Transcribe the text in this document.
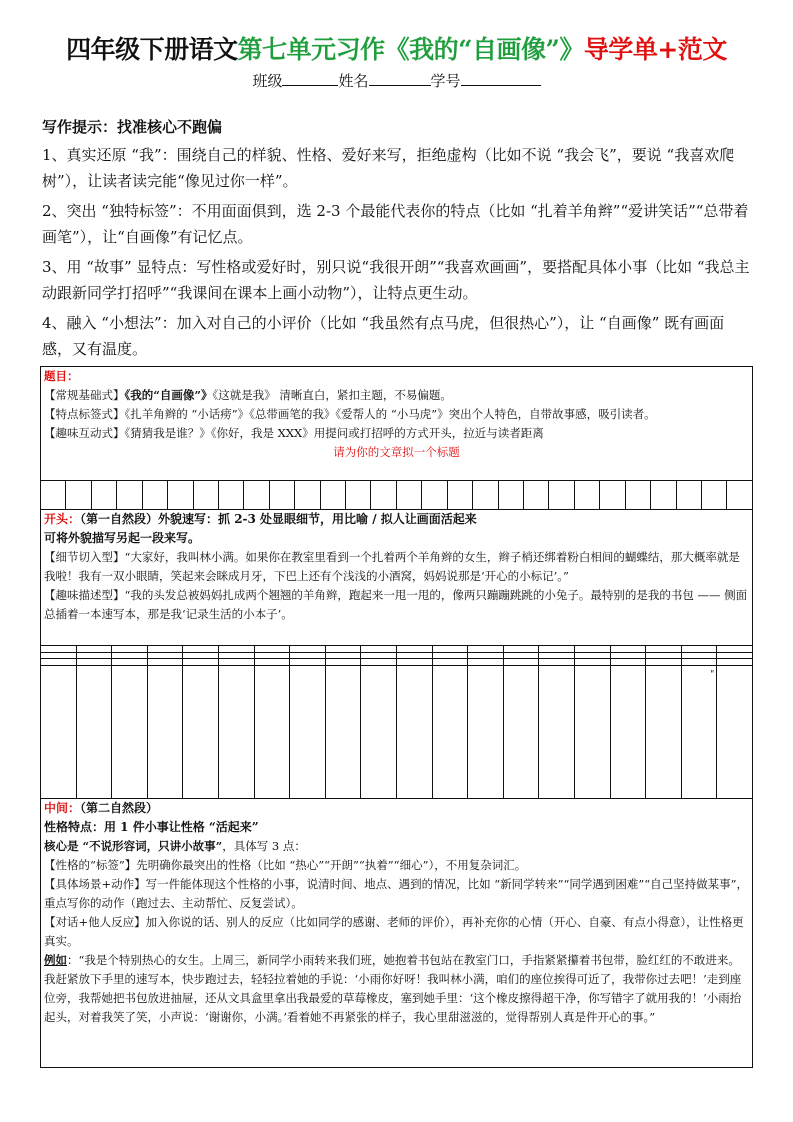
四年级下册语文第七单元习作《我的“自画像”》导学单+范文
班级	姓名	学号
写作提示：找准核心不跑偏

1、真实还原 “我”：围绕自己的样貌、性格、爱好来写，拒绝虚构（比如不说 “我会飞”，要说 “我喜欢爬树”），让读者读完能“像见过你一样”。

2、突出 “独特标签”：不用面面俱到，选 2-3 个最能代表你的特点（比如 “扎着羊角辫”“爱讲笑话”“总带着画笔”），让“自画像”有记忆点。

3、用 “故事” 显特点：写性格或爱好时，别只说“我很开朗”“我喜欢画画”，要搭配具体小事（比如 “我总主动跟新同学打招呼”“我课间在课本上画小动物”），让特点更生动。

4、融入 “小想法”：加入对自己的小评价（比如 “我虽然有点马虎，但很热心”），让 “自画像” 既有画面感，又有温度。

题目：
【常规基础式】《我的“自画像”》《这就是我》 清晰直白，紧扣主题，不易偏题。
【特点标签式】《扎羊角辫的 “小话痨”》《总带画笔的我》《爱帮人的 “小马虎”》突出个人特色，自带故事感，吸引读者。
【趣味互动式】《猜猜我是谁？》《你好，我是 XXX》用提问或打招呼的方式开头，拉近与读者距离
请为你的文章拟一个标题

开头：（第一自然段）外貌速写：抓 2-3 处显眼细节，用比喻 / 拟人让画面活起来
可将外貌描写另起一段来写。
【细节切入型】“大家好，我叫林小满。如果你在教室里看到一个扎着两个羊角辫的女生，辫子梢还绑着粉白相间的蝴蝶结，那大概率就是我啦！我有一双小眼睛，笑起来会眯成月牙，下巴上还有个浅浅的小酒窝，妈妈说那是‘开心的小标记’。”
【趣味描述型】“我的头发总被妈妈扎成两个翘翘的羊角辫，跑起来一甩一甩的，像两只蹦蹦跳跳的小兔子。最特别的是我的书包 —— 侧面总插着一本速写本，那是我‘记录生活的小本子’。

																		"	
中间：（第二自然段）
性格特点：用 1 件小事让性格 “活起来”
核心是 “不说形容词，只讲小故事”，具体写 3 点：
【性格的“标签”】先明确你最突出的性格（比如 “热心”“开朗”“执着”“细心”），不用复杂词汇。
【具体场景+动作】写一件能体现这个性格的小事，说清时间、地点、遇到的情况，比如 “新同学转来”“同学遇到困难”“自己坚持做某事”，重点写你的动作（跑过去、主动帮忙、反复尝试）。
【对话+他人反应】加入你说的话、别人的反应（比如同学的感谢、老师的评价），再补充你的心情（开心、自豪、有点小得意），让性格更真实。
例如：“我是个特别热心的女生。上周三，新同学小雨转来我们班，她抱着书包站在教室门口，手指紧紧攥着书包带，脸红红的不敢进来。我赶紧放下手里的速写本，快步跑过去，轻轻拉着她的手说：‘小雨你好呀！我叫林小满，咱们的座位挨得可近了，我带你过去吧！’走到座位旁，我帮她把书包放进抽屉，还从文具盒里拿出我最爱的草莓橡皮，塞到她手里：‘这个橡皮擦得超干净，你写错字了就用我的！’小雨抬起头，对着我笑了笑，小声说：‘谢谢你，小满。’看着她不再紧张的样子，我心里甜滋滋的，觉得帮别人真是件开心的事。”
